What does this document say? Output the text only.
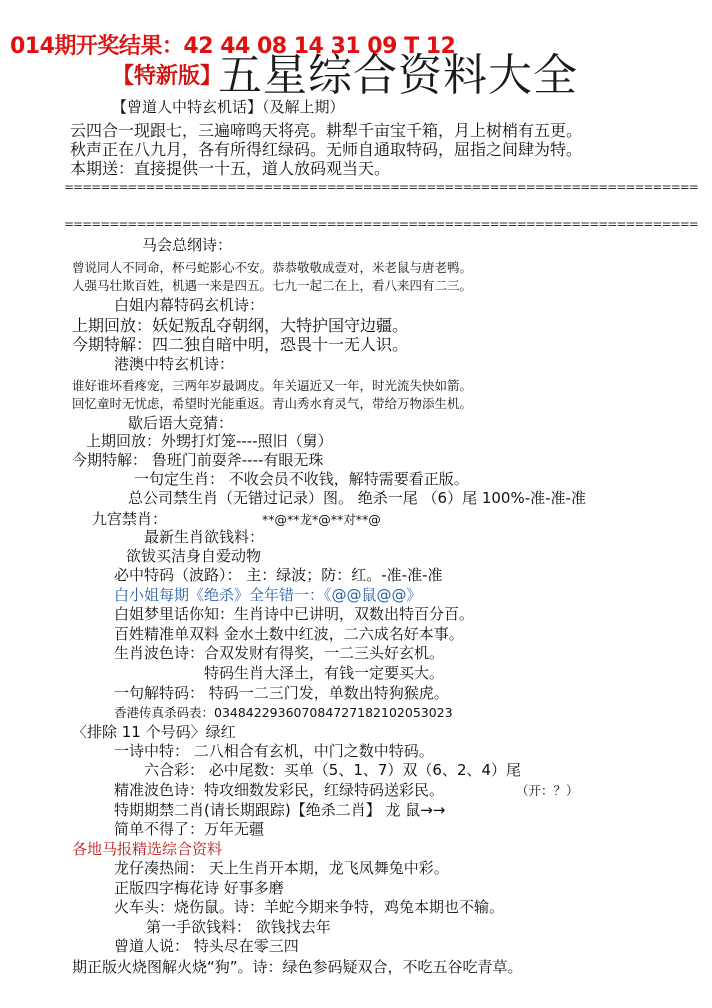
014期开奖结果：42 44 08 14 31 09 T 12
【特新版】
五星综合资料大全
【曾道人中特玄机话】（及解上期）
云四合一现跟七，三遍啼鸣天将亮。耕犁千亩宝千箱，月上树梢有五更。
秋声正在八九月，各有所得红绿码。无师自通取特码，屈指之间肆为特。
本期送：直接提供一十五，道人放码观当天。
======================================================================
======================================================================
马会总纲诗：
曾说同人不同命，杯弓蛇影心不安。恭恭敬敬成壹对，米老鼠与唐老鸭。
人强马壮欺百姓，机遇一来是四五。七九一起二在上，看八来四有二三。
白姐内幕特码玄机诗：
上期回放：妖妃叛乱夺朝纲，大特护国守边疆。
今期特解：四二独自暗中明，恐畏十一无人识。
港澳中特玄机诗：
谁好谁坏看疼宠，三两年岁最调皮。年关逼近又一年，时光流失快如箭。
回忆童时无忧虑，希望时光能重返。青山秀水育灵气，带给万物添生机。
歇后语大竞猜：
上期回放：外甥打灯笼----照旧（舅）
今期特解： 鲁班门前耍斧----有眼无珠
一句定生肖： 不收会员不收钱，解特需要看正版。
总公司禁生肖（无错过记录）图。 绝杀一尾 （6）尾 100%-准-准-准
九宫禁肖：	**@**龙*@**对**@
最新生肖欲钱料：
欲钹买洁身自爱动物
必中特码（波路）： 主：绿波；防：红。-准-准-准
白小姐每期《绝杀》全年错一：《@@鼠@@》
白姐梦里话你知：生肖诗中已讲明，双数出特百分百。
百姓精准单双料 金水土数中红波，二六成名好本事。
生肖波色诗：合双发财有得奖，一二三头好玄机。
特码生肖大泽土，有钱一定要买大。
一句解特码： 特码一二三门发，单数出特狗猴虎。
香港传真杀码表：034842293607084727182102053023
〈排除 11 个号码〉绿红
一诗中特： 二八相合有玄机，中门之数中特码。
六合彩： 必中尾数：买单（5、1、7）双（6、2、4）尾
精准波色诗：特攻细数发彩民，红绿特码送彩民。	（开：？）
特期期禁二肖(请长期跟踪)【绝杀二肖】 龙 鼠→→
简单不得了：万年无疆
各地马报精选综合资料
龙仔凑热闹： 天上生肖开本期，龙飞凤舞兔中彩。
正版四字梅花诗 好事多磨
火车头：烧伤鼠。诗：羊蛇今期来争特，鸡兔本期也不输。
第一手欲钱料： 欲钱找去年
曾道人说： 特头尽在零三四
期正版火烧图解火烧“狗”。诗：绿色参码疑双合，不吃五谷吃青草。
